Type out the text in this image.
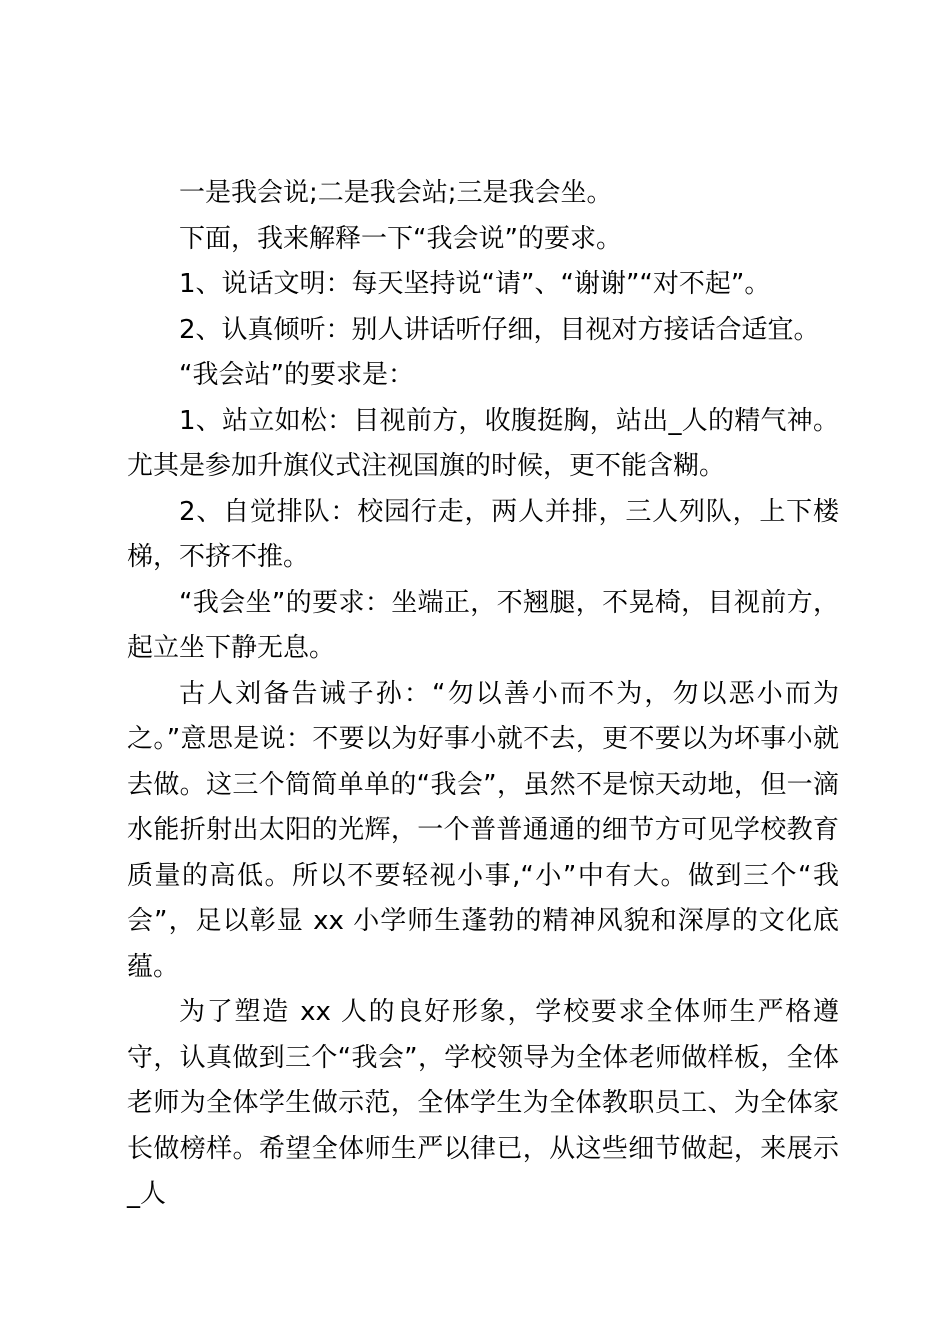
一是我会说;二是我会站;三是我会坐。

下面，我来解释一下“我会说”的要求。

1、说话文明：每天坚持说“请”、“谢谢”“对不起”。

2、认真倾听：别人讲话听仔细，目视对方接话合适宜。

“我会站”的要求是：

1、站立如松：目视前方，收腹挺胸，站出_人的精气神。尤其是参加升旗仪式注视国旗的时候，更不能含糊。

2、自觉排队：校园行走，两人并排，三人列队，上下楼梯，不挤不推。

“我会坐”的要求：坐端正，不翘腿，不晃椅，目视前方，起立坐下静无息。

古人刘备告诫子孙：“勿以善小而不为，勿以恶小而为之。”意思是说：不要以为好事小就不去，更不要以为坏事小就去做。这三个简简单单的“我会”，虽然不是惊天动地，但一滴水能折射出太阳的光辉，一个普普通通的细节方可见学校教育质量的高低。所以不要轻视小事,“小”中有大。做到三个“我会”，足以彰显 xx 小学师生蓬勃的精神风貌和深厚的文化底蕴。

为了塑造 xx 人的良好形象，学校要求全体师生严格遵守，认真做到三个“我会”，学校领导为全体老师做样板，全体老师为全体学生做示范，全体学生为全体教职员工、为全体家长做榜样。希望全体师生严以律已，从这些细节做起，来展示_人
